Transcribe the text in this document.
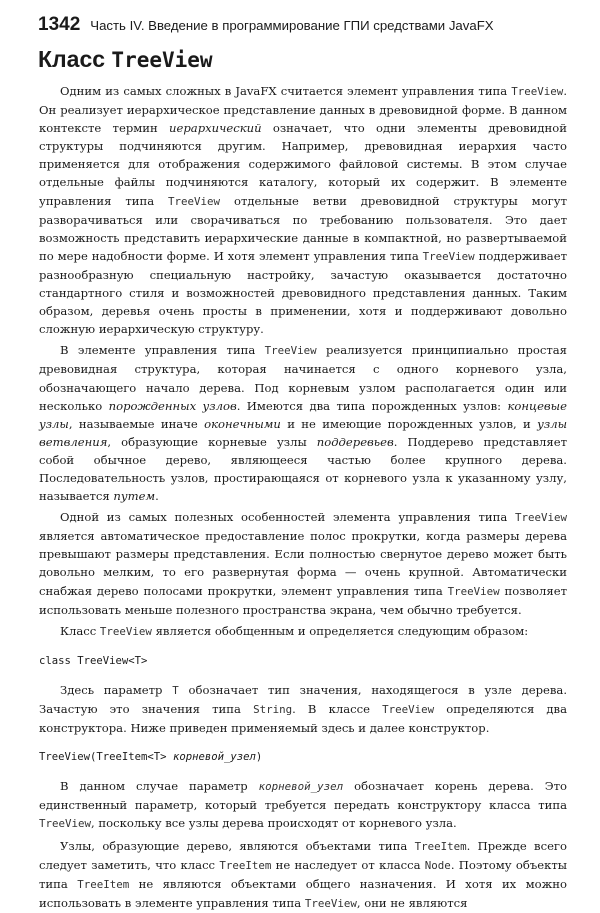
1342 Часть IV. Введение в программирование ГПИ средствами JavaFX
Класс TreeView

Одним из самых сложных в JavaFX считается элемент управления типа TreeView. Он реализует иерархическое представление данных в древовидной форме. В данном контексте термин иерархический означает, что одни элементы древовидной структуры подчиняются другим. Например, древовидная иерархия часто применяется для отображения содержимого файловой системы. В этом случае отдельные файлы подчиняются каталогу, который их содержит. В элементе управления типа TreeView отдельные ветви древовидной структуры могут разворачиваться или сворачиваться по требованию пользователя. Это дает возможность представить иерархические данные в компактной, но развертываемой по мере надобности форме. И хотя элемент управления типа TreeView поддерживает разнообразную специальную настройку, зачастую оказывается достаточно стандартного стиля и возможностей древовидного представления данных. Таким образом, деревья очень просты в применении, хотя и поддерживают довольно сложную иерархическую структуру.

В элементе управления типа TreeView реализуется принципиально простая древовидная структура, которая начинается с одного корневого узла, обозначающего начало дерева. Под корневым узлом располагается один или несколько порожденных узлов. Имеются два типа порожденных узлов: концевые узлы, называемые иначе оконечными и не имеющие порожденных узлов, и узлы ветвления, образующие корневые узлы поддеревьев. Поддерево представляет собой обычное дерево, являющееся частью более крупного дерева. Последовательность узлов, простирающаяся от корневого узла к указанному узлу, называется путем.

Одной из самых полезных особенностей элемента управления типа TreeView является автоматическое предоставление полос прокрутки, когда размеры дерева превышают размеры представления. Если полностью свернутое дерево может быть довольно мелким, то его развернутая форма — очень крупной. Автоматически снабжая дерево полосами прокрутки, элемент управления типа TreeView позволяет использовать меньше полезного пространства экрана, чем обычно требуется.

Класс TreeView является обобщенным и определяется следующим образом:

class TreeView<T>

Здесь параметр T обозначает тип значения, находящегося в узле дерева. Зачастую это значения типа String. В классе TreeView определяются два конструктора. Ниже приведен применяемый здесь и далее конструктор.

TreeView(TreeItem<T> корневой_узел)

В данном случае параметр корневой_узел обозначает корень дерева. Это единственный параметр, который требуется передать конструктору класса типа TreeView, поскольку все узлы дерева происходят от корневого узла.

Узлы, образующие дерево, являются объектами типа TreeItem. Прежде всего следует заметить, что класс TreeItem не наследует от класса Node. Поэтому объекты типа TreeItem не являются объектами общего назначения. И хотя их можно использовать в элементе управления типа TreeView, они не являются
